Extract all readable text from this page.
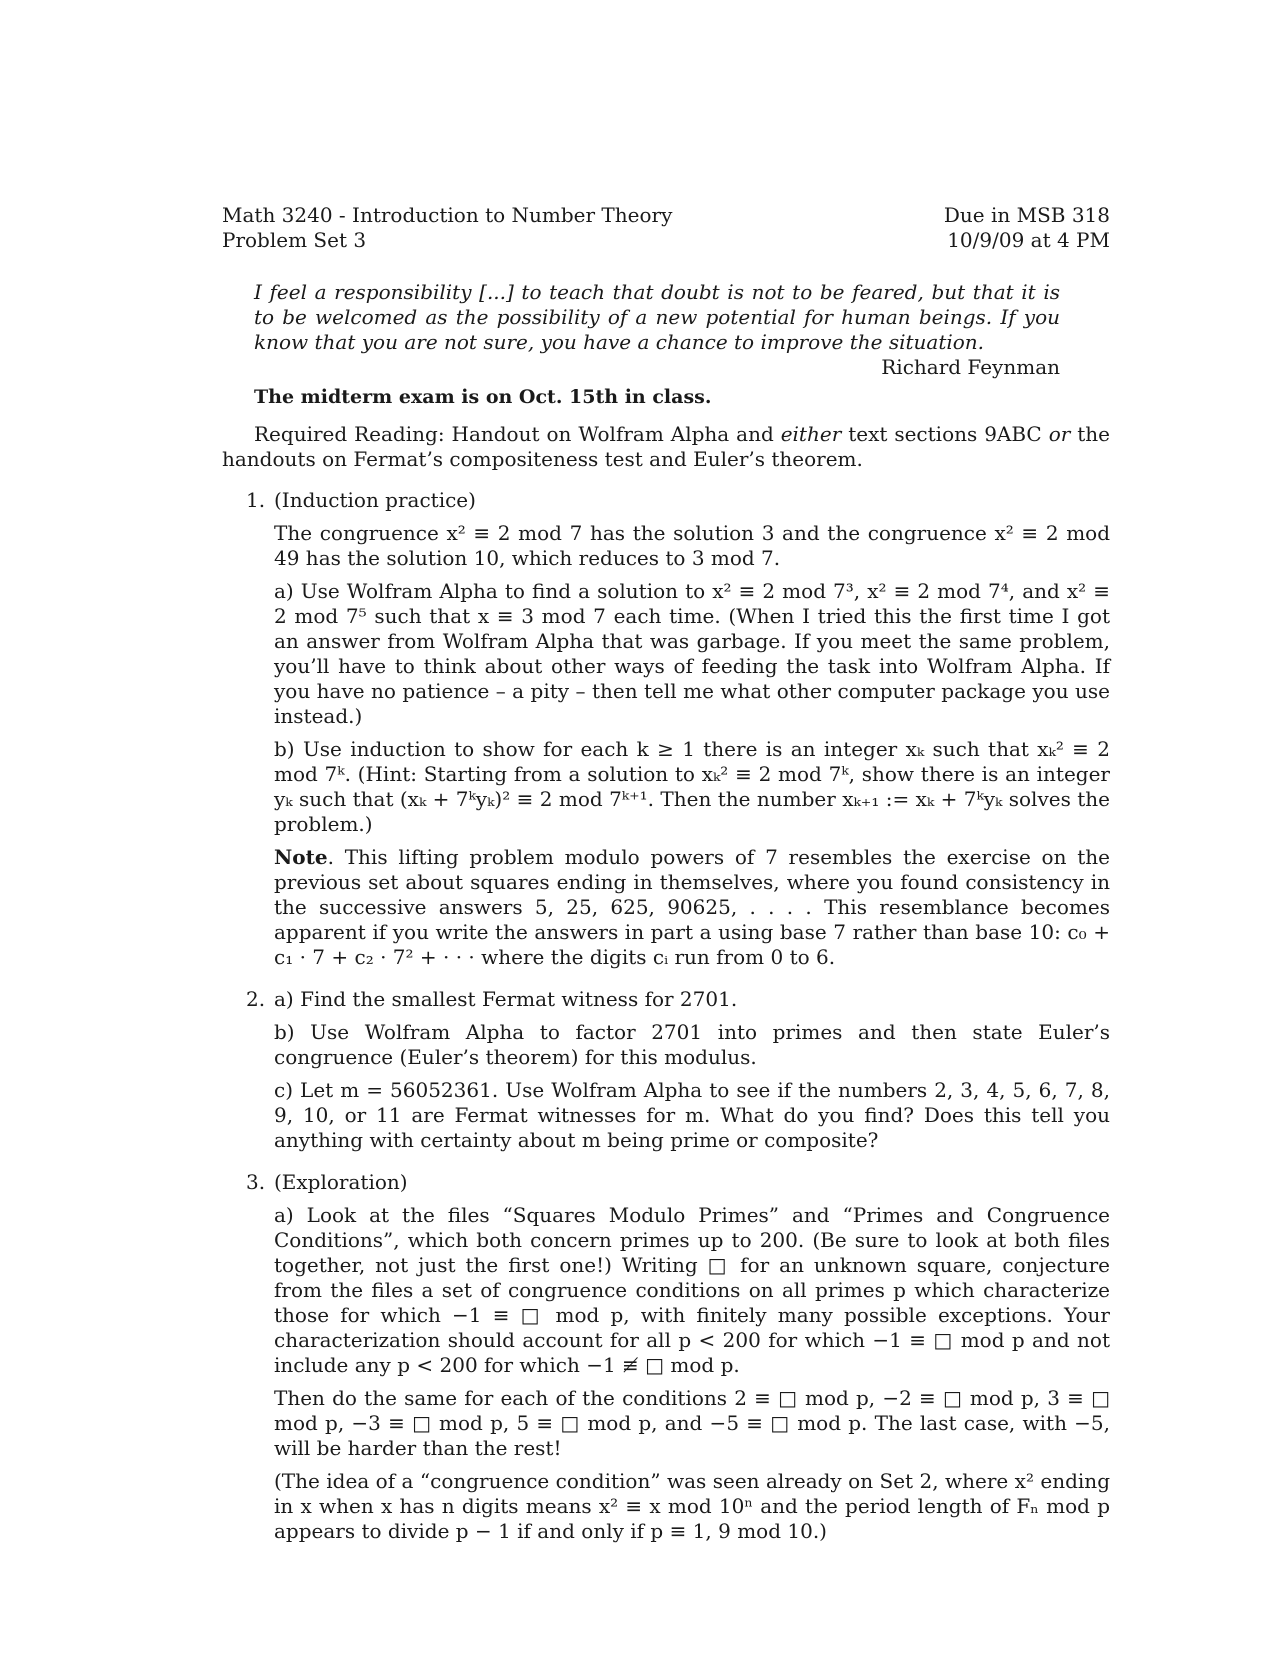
Math 3240 - Introduction to Number Theory
Problem Set 3
Due in MSB 318
10/9/09 at 4 PM
I feel a responsibility [...] to teach that doubt is not to be feared, but that it is to be welcomed as the possibility of a new potential for human beings. If you know that you are not sure, you have a chance to improve the situation.
Richard Feynman
The midterm exam is on Oct. 15th in class.
Required Reading: Handout on Wolfram Alpha and either text sections 9ABC or the handouts on Fermat’s compositeness test and Euler’s theorem.
1. (Induction practice)
The congruence x² ≡ 2 mod 7 has the solution 3 and the congruence x² ≡ 2 mod 49 has the solution 10, which reduces to 3 mod 7.
a) Use Wolfram Alpha to find a solution to x² ≡ 2 mod 7³, x² ≡ 2 mod 7⁴, and x² ≡ 2 mod 7⁵ such that x ≡ 3 mod 7 each time. (When I tried this the first time I got an answer from Wolfram Alpha that was garbage. If you meet the same problem, you’ll have to think about other ways of feeding the task into Wolfram Alpha. If you have no patience – a pity – then tell me what other computer package you use instead.)
b) Use induction to show for each k ≥ 1 there is an integer xₖ such that xₖ² ≡ 2 mod 7ᵏ. (Hint: Starting from a solution to xₖ² ≡ 2 mod 7ᵏ, show there is an integer yₖ such that (xₖ + 7ᵏyₖ)² ≡ 2 mod 7ᵏ⁺¹. Then the number xₖ₊₁ := xₖ + 7ᵏyₖ solves the problem.)
Note. This lifting problem modulo powers of 7 resembles the exercise on the previous set about squares ending in themselves, where you found consistency in the successive answers 5, 25, 625, 90625, . . . . This resemblance becomes apparent if you write the answers in part a using base 7 rather than base 10: c₀ + c₁ · 7 + c₂ · 7² + · · · where the digits cᵢ run from 0 to 6.
2. a) Find the smallest Fermat witness for 2701.
b) Use Wolfram Alpha to factor 2701 into primes and then state Euler’s congruence (Euler’s theorem) for this modulus.
c) Let m = 56052361. Use Wolfram Alpha to see if the numbers 2, 3, 4, 5, 6, 7, 8, 9, 10, or 11 are Fermat witnesses for m. What do you find? Does this tell you anything with certainty about m being prime or composite?
3. (Exploration)
a) Look at the files “Squares Modulo Primes” and “Primes and Congruence Conditions”, which both concern primes up to 200. (Be sure to look at both files together, not just the first one!) Writing □ for an unknown square, conjecture from the files a set of congruence conditions on all primes p which characterize those for which −1 ≡ □ mod p, with finitely many possible exceptions. Your characterization should account for all p < 200 for which −1 ≡ □ mod p and not include any p < 200 for which −1 ≢ □ mod p.
Then do the same for each of the conditions 2 ≡ □ mod p, −2 ≡ □ mod p, 3 ≡ □ mod p, −3 ≡ □ mod p, 5 ≡ □ mod p, and −5 ≡ □ mod p. The last case, with −5, will be harder than the rest!
(The idea of a “congruence condition” was seen already on Set 2, where x² ending in x when x has n digits means x² ≡ x mod 10ⁿ and the period length of Fₙ mod p appears to divide p − 1 if and only if p ≡ 1, 9 mod 10.)
